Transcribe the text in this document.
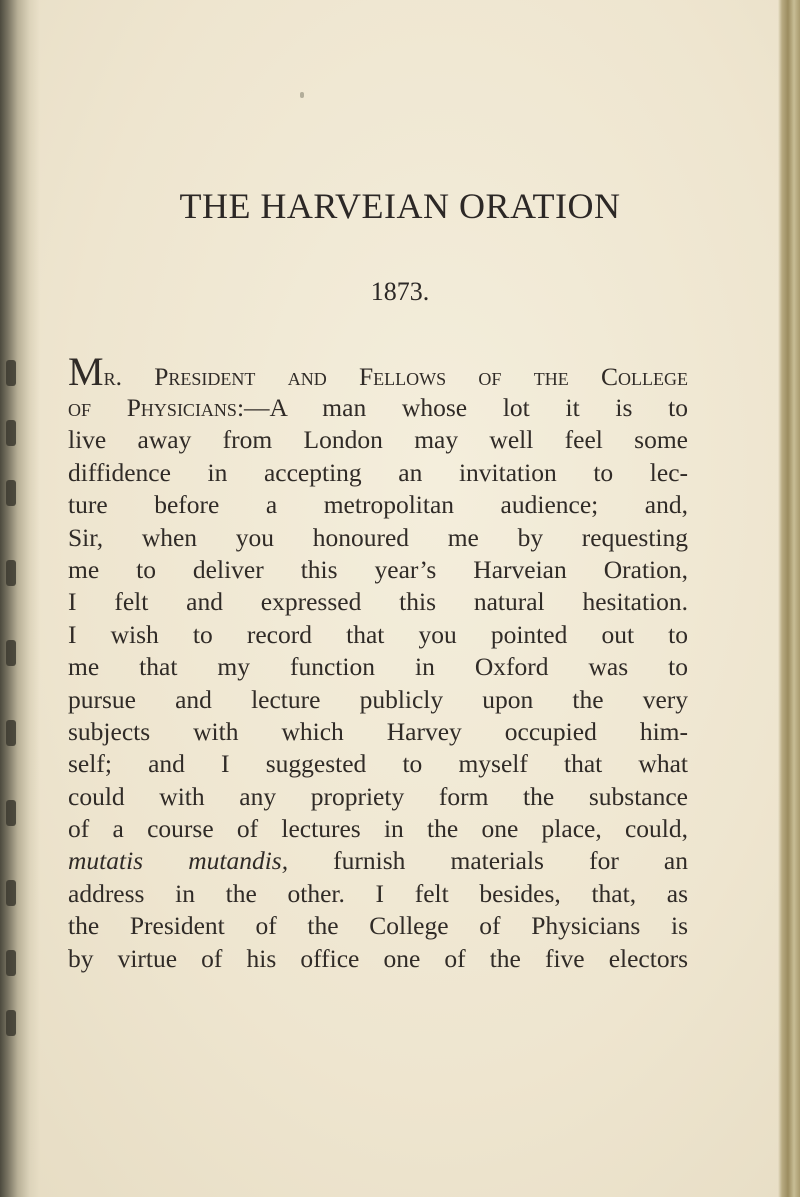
THE HARVEIAN ORATION
1873.
Mr. President and Fellows of the College
of Physicians:—A man whose lot it is to
live away from London may well feel some
diffidence in accepting an invitation to lec-
ture before a metropolitan audience; and,
Sir, when you honoured me by requesting
me to deliver this year’s Harveian Oration,
I felt and expressed this natural hesitation.
I wish to record that you pointed out to
me that my function in Oxford was to
pursue and lecture publicly upon the very
subjects with which Harvey occupied him-
self; and I suggested to myself that what
could with any propriety form the substance
of a course of lectures in the one place, could,
mutatis mutandis, furnish materials for an
address in the other. I felt besides, that, as
the President of the College of Physicians is
by virtue of his office one of the five electors
